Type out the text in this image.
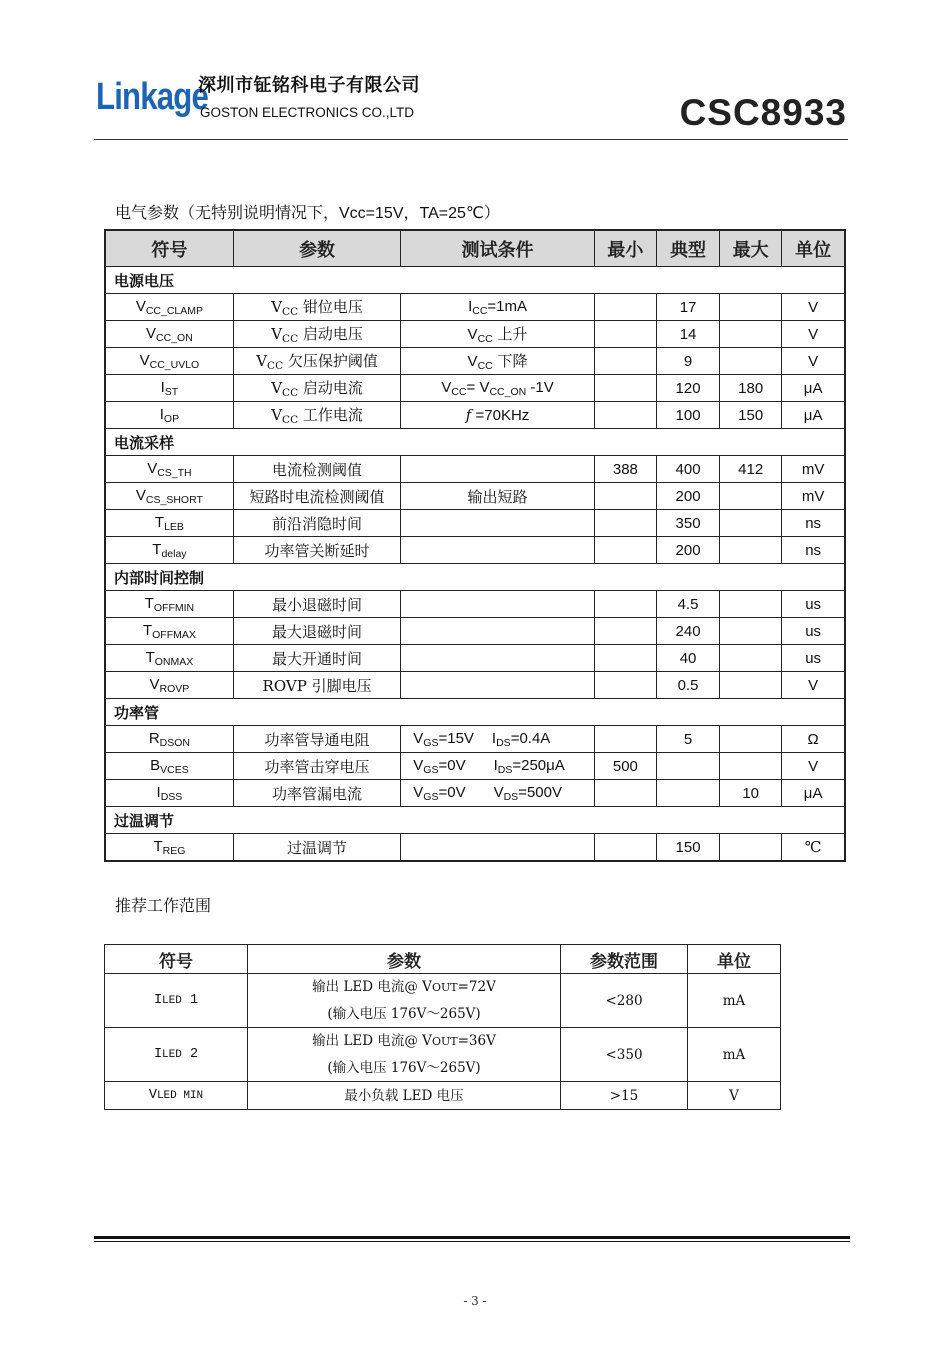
Linkage
深圳市钲铭科电子有限公司
GOSTON ELECTRONICS CO.,LTD	CSC8933
电气参数（无特别说明情况下，Vcc=15V，TA=25℃）
符号	参数	测试条件	最小	典型	最大	单位
电源电压						
$V_{CC\_CLAMP}$	$V_{CC}$ 钳位电压	$I_{CC}=1mA$		17		V
$V_{CC\_ON}$	$V_{CC}$ 启动电压	$V_{CC}$ 上升		14		V
$V_{CC\_UVLO}$	$V_{CC}$ 欠压保护阈值	$V_{CC}$ 下降		9		V
$I_{ST}$	$V_{CC}$ 启动电流	$V_{CC}= V_{CC\_ON}$ -1V		120	180	μA
$I_{OP}$	$V_{CC}$ 工作电流	f =70KHz		100	150	μA
电流采样						
$V_{CS\_TH}$	电流检测阈值		388	400	412	mV
$V_{CS\_SHORT}$	短路时电流检测阈值	输出短路		200		mV
$T_{LEB}$	前沿消隐时间			350		ns
$T_{delay}$	功率管关断延时			200		ns
内部时间控制						
$T_{OFFMIN}$	最小退磁时间			4.5		us
$T_{OFFMAX}$	最大退磁时间			240		us
$T_{ONMAX}$	最大开通时间			40		us
$V_{ROVP}$	ROVP 引脚电压			0.5		V
功率管						
$R_{DSON}$	功率管导通电阻	$V_{GS}=15V$ $I_{DS}=0.4A$		5		Ω
$B_{VCES}$	功率管击穿电压	$V_{GS}=0V$ $I_{DS}=250\mu A$	500			V
$I_{DSS}$	功率管漏电流	$V_{GS}=0V$ $V_{DS}=500V$			10	μA
过温调节						
$T_{REG}$	过温调节			150		℃
推荐工作范围
符号	参数	参数范围	单位
ILED 1	输出 LED 电流@ VOUT=72V
(输入电压 176V～265V)	<280	mA
ILED 2	输出 LED 电流@ VOUT=36V
(输入电压 176V～265V)	<350	mA
VLED MIN	最小负载 LED 电压	>15	V
- 3 -
